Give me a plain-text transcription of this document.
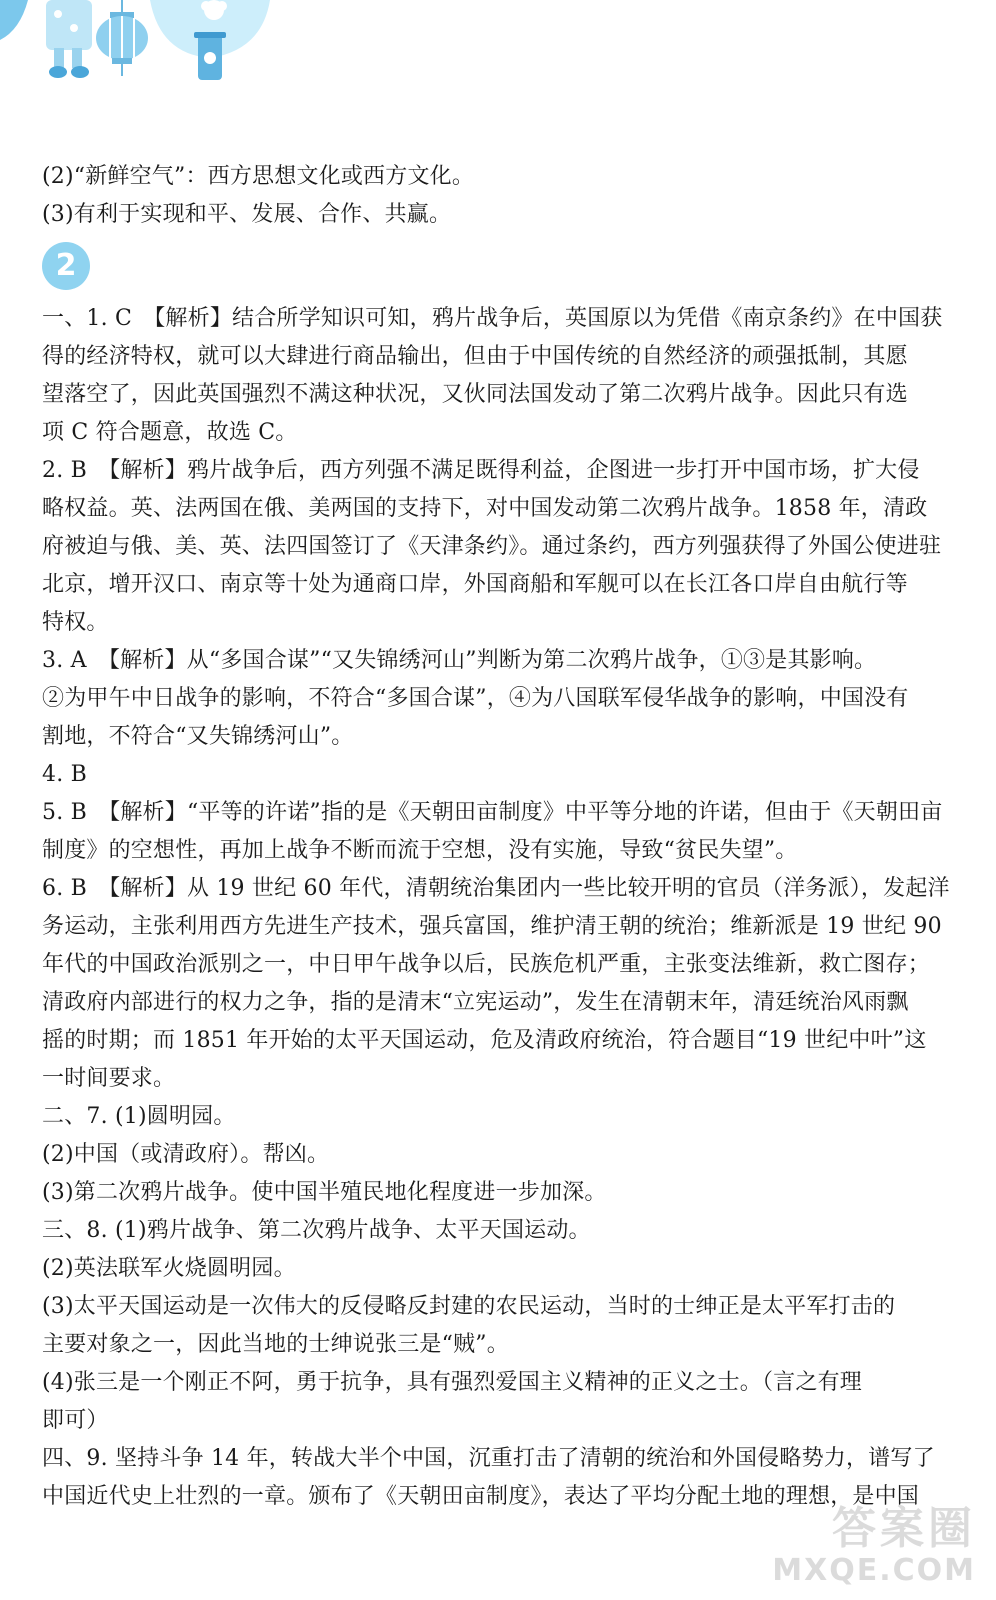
(2)“新鲜空气”：西方思想文化或西方文化。
(3)有利于实现和平、发展、合作、共赢。
2
一、1. C　【解析】结合所学知识可知，鸦片战争后，英国原以为凭借《南京条约》在中国获
得的经济特权，就可以大肆进行商品输出，但由于中国传统的自然经济的顽强抵制，其愿
望落空了，因此英国强烈不满这种状况，又伙同法国发动了第二次鸦片战争。因此只有选
项 C 符合题意，故选 C。
2. B　【解析】鸦片战争后，西方列强不满足既得利益，企图进一步打开中国市场，扩大侵
略权益。英、法两国在俄、美两国的支持下，对中国发动第二次鸦片战争。1858 年，清政
府被迫与俄、美、英、法四国签订了《天津条约》。通过条约，西方列强获得了外国公使进驻
北京，增开汉口、南京等十处为通商口岸，外国商船和军舰可以在长江各口岸自由航行等
特权。
3. A　【解析】从“多国合谋”“又失锦绣河山”判断为第二次鸦片战争，①③是其影响。
②为甲午中日战争的影响，不符合“多国合谋”，④为八国联军侵华战争的影响，中国没有
割地，不符合“又失锦绣河山”。
4. B
5. B　【解析】“平等的许诺”指的是《天朝田亩制度》中平等分地的许诺，但由于《天朝田亩
制度》的空想性，再加上战争不断而流于空想，没有实施，导致“贫民失望”。
6. B　【解析】从 19 世纪 60 年代，清朝统治集团内一些比较开明的官员（洋务派），发起洋
务运动，主张利用西方先进生产技术，强兵富国，维护清王朝的统治；维新派是 19 世纪 90
年代的中国政治派别之一，中日甲午战争以后，民族危机严重，主张变法维新，救亡图存；
清政府内部进行的权力之争，指的是清末“立宪运动”，发生在清朝末年，清廷统治风雨飘
摇的时期；而 1851 年开始的太平天国运动，危及清政府统治，符合题目“19 世纪中叶”这
一时间要求。
二、7. (1)圆明园。
(2)中国（或清政府）。帮凶。
(3)第二次鸦片战争。使中国半殖民地化程度进一步加深。
三、8. (1)鸦片战争、第二次鸦片战争、太平天国运动。
(2)英法联军火烧圆明园。
(3)太平天国运动是一次伟大的反侵略反封建的农民运动，当时的士绅正是太平军打击的
主要对象之一，因此当地的士绅说张三是“贼”。
(4)张三是一个刚正不阿，勇于抗争，具有强烈爱国主义精神的正义之士。（言之有理
即可）
四、9. 坚持斗争 14 年，转战大半个中国，沉重打击了清朝的统治和外国侵略势力，谱写了
中国近代史上壮烈的一章。颁布了《天朝田亩制度》，表达了平均分配土地的理想，是中国
答案圈
MXQE.COM
